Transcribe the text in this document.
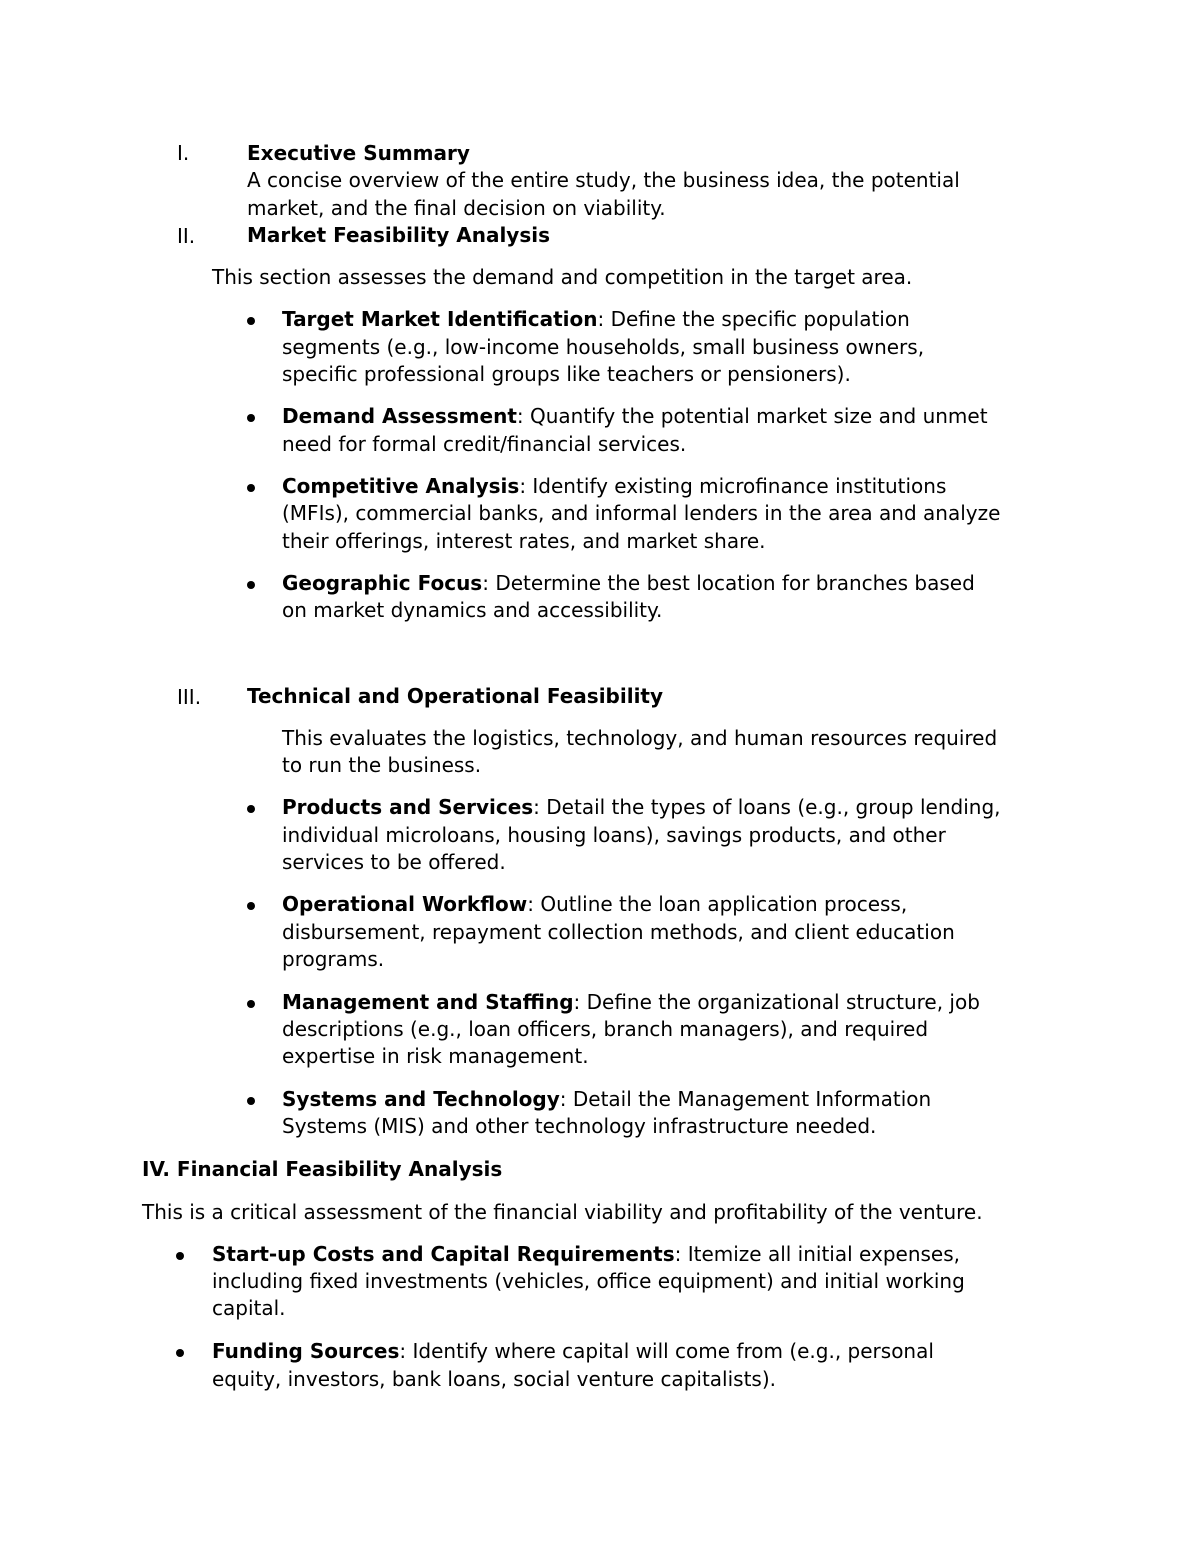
I.	Executive Summary
A concise overview of the entire study, the business idea, the potential
market, and the final decision on viability.
II.	Market Feasibility Analysis
This section assesses the demand and competition in the target area.
Target Market Identification: Define the specific population
segments (e.g., low-income households, small business owners,
specific professional groups like teachers or pensioners).
Demand Assessment: Quantify the potential market size and unmet
need for formal credit/financial services.
Competitive Analysis: Identify existing microfinance institutions
(MFIs), commercial banks, and informal lenders in the area and analyze
their offerings, interest rates, and market share.
Geographic Focus: Determine the best location for branches based
on market dynamics and accessibility.
III. Technical and Operational Feasibility
This evaluates the logistics, technology, and human resources required
to run the business.
Products and Services: Detail the types of loans (e.g., group lending,
individual microloans, housing loans), savings products, and other
services to be offered.
Operational Workflow: Outline the loan application process,
disbursement, repayment collection methods, and client education
programs.
Management and Staffing: Define the organizational structure, job
descriptions (e.g., loan officers, branch managers), and required
expertise in risk management.
Systems and Technology: Detail the Management Information
Systems (MIS) and other technology infrastructure needed.
IV. Financial Feasibility Analysis
This is a critical assessment of the financial viability and profitability of the venture.
Start-up Costs and Capital Requirements: Itemize all initial expenses,
including fixed investments (vehicles, office equipment) and initial working
capital.
Funding Sources: Identify where capital will come from (e.g., personal
equity, investors, bank loans, social venture capitalists).
